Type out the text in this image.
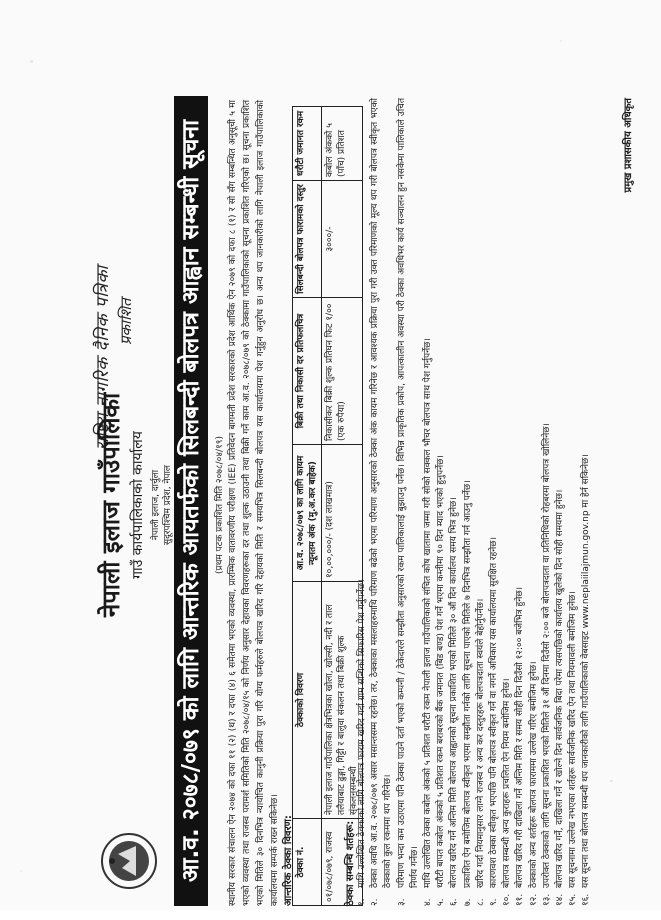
राष्ट्रिय नागरिक दैनिक पत्रिका प्रकाशित
नेपाली इलाज गाउँपालिका गाउँ कार्यपालिकाको कार्यालय नेपाली इलाज, दार्चुला सुदूरपश्चिम प्रदेश, नेपाल आ.व. २०७८/०७९ को लागि आन्तरिक आयतर्फको सिलबन्दी बोलपत्र आह्वान सम्बन्धी सूचना	(प्रथम पटक प्रकाशित मिति २०७८/०४/१९) स्थानीय सरकार संचालन ऐन २०७४ को दफा ११ (२) (थ) र दफा (४) ६ समेतमा भएको व्यवस्था, प्रारम्भिक वातावरणीय परीक्षण (IEE) प्रतिवेदन बागमती प्रदेश सरकारको प्रदेश आर्थिक ऐन २०७९ को दफा ८ (१) र सो सँग सम्बन्धित अनुसूची ५ मा भएको व्यवस्था तथा राजस्व परामर्श समितिको मिति २०७८/०४/१५ को निर्णय अनुसार देहायका विवरणहरूका दर तथा शुल्क उठाउनी तथा बिक्री गर्ने काम आ.व. २०७८/०७९ को ठेक्कामा गाउँपालिकाको सूचना प्रकाशित गरिएको छ। सूचना प्रकाशित भएको मितिले ३० दिनभित्र न्यायोचित कानुनी प्रक्रिया पुरा गरि योग्य फर्महरुले बोलपत्र खरिद गरि देहायको मिति र समयभित्र सिलबन्दी बोलपत्र यस कार्यालयमा पेश गर्नुहुन अनुरोध छ। अन्य थप जानकारीको लागि नेपाली इलाज गाउँपालिकाको कार्यालयमा सम्पर्क राख्न सकिनेछ। आन्तरिक ठेक्का विवरण: ठेक्का नं.	ठेक्काको विवरण	आ.व. २०७८/०७९ का लागि कायम न्यूनतम अंक (मु.अ.कर बाहेक)	बिक्री तथा निकासी दर प्रतिफलचित्र	सिलबन्दी बोलपत्र फारामको दस्तुर	धरौटी जमानत रकम
०१/०७८/०७९, राजस्व	नेपाली इलाज गाउँपालिका क्षेत्रभित्रका खोला, खोल्सी, नदी र ताल तलैयाबाट ढुङ्गा, गिट्टी र बालुवा संकलन तथा बिक्री शुल्क संकलनसम्बन्धी	१०,००,०००/- (दश लाखमात्र)	निकासीकर बिक्री शुल्क प्रतिघन फिट १/०० (एक रुपैया)	३०००/-	कबोल अंकको ५ (पाँच) प्रतिशत
ठेक्का सम्बन्धि शर्तहरू: १.
माथि उल्लेखित ठेक्काको लागि बोलपत्र फाराम खरिद गर्दा ग्राम सन्धिको सिफारिस पेश गर्नुपर्नेछ।
२.
ठेक्का अवधि आ.व. २०७८/०७९ असार मसान्तसम्म रहनेछ। तर, ठेक्काका मसलाहरुमाथि परिमाण बढेको भएमा परिमाण अनुसारको ठेक्का अंक कायम गरिनेछ र आवश्यक प्रक्रिया पुरा गरी उक्त परिमाणको मूल्य थप गरी बोलपत्र स्वीकृत भएको ठेक्काको कुल रकममा थप गरिनेछ।
३.
परिमाण भन्दा कम उठाएमा पनि ठेक्का पाउने दर्ता भएको कम्पनी / ठेकेदारले सम्झौता अनुसारको रकम पालिकालाई बुझाउनु पर्नेछ। विभिन्न प्राकृतिक प्रकोप, आपत्कालीन अवस्था परी ठेक्का अवधिभर कार्य सञ्चालन हुन नसकेमा पालिकाले उचित निर्णय गर्नेछ।
४.
माथि उल्लेखित ठेक्का कबोल अंकको ५ प्रतिशत धरौटी रकम नेपाली इलाज गाउँपालिकाको संचित कोष खातामा जम्मा गरी सोको सक्कल भौचर बोलपत्र साथ पेश गर्नुपर्नेछ।
५.
धरौटी बापत कबोल अंकको ५ प्रतिशत रकम बराबरको बैंक जमानत (बिड बण्ड) पेश गर्ने भएमा कम्तीमा ९० दिन म्याद भएको हुनुपर्नेछ।
६.
बोलपत्र खरिद गर्ने अन्तिम मिति बोलपत्र आह्वानको सूचना प्रकाशित भएको मितिले ३० औं दिन कार्यालय समय भित्र हुनेछ।
७.
प्रकाशित ऐन बमोजिम बोलपत्र स्वीकृत भएमा सम्झौता गर्नको लागि सूचना पाएको मितिले ७ दिनभित्र सम्झौता गर्न आउनु पर्नेछ।
८.
खरिद गर्दा नियमानुसार लाग्ने राजस्व र अन्य कर दस्तुरहरू बोलपत्रदाता स्वयंले बेहोर्नुपर्नेछ।
९.
कारणवश ठेक्का स्वीकृत भएपछि पनि बोलपत्र स्वीकृत गर्ने वा नगर्ने अधिकार यस कार्यालयमा सुरक्षित रहनेछ।
१०.
बोलपत्र सम्बन्धी अन्य कुराहरू प्रचलित ऐन नियम बमोजिम हुनेछ।
११.
बोलपत्र खरिद गरी दाखिला गर्ने अन्तिम मिति र समय सोही दिन दिउँसो १२:०० बजेभित्र हुनेछ।
१२.
ठेक्काको अन्य शर्तहरू बोलपत्र फाराममा उल्लेख गरिए बमोजिम हुनेछ।
१३.
उपरोक्त ठेक्काको लागि सूचना प्रकाशित भएको मितिले ३१ औं दिनमा दिउँसो २:०० बजे बोलपत्रदाता वा प्रतिनिधिको रोहबरमा बोलपत्र खोलिनेछ।
१४.
बोलपत्र खरिद गर्ने, दाखिला गर्ने र खोल्ने दिन सार्वजनिक बिदा परेमा त्यसपछिको कार्यालय खुलेको दिन सोही समयमा हुनेछ।
१५.
यस सूचनामा उल्लेख नभएका शर्तहरू सार्वजनिक खरिद ऐन तथा नियमावली बमोजिम हुनेछ।
१६.
यस सूचना तथा बोलपत्र सम्बन्धी थप जानकारीको लागि गाउँपालिकाको वेबसाइट www.neplaiilajmun.gov.np मा हेर्न सकिनेछ।
प्रमुख प्रशासकीय अधिकृत
